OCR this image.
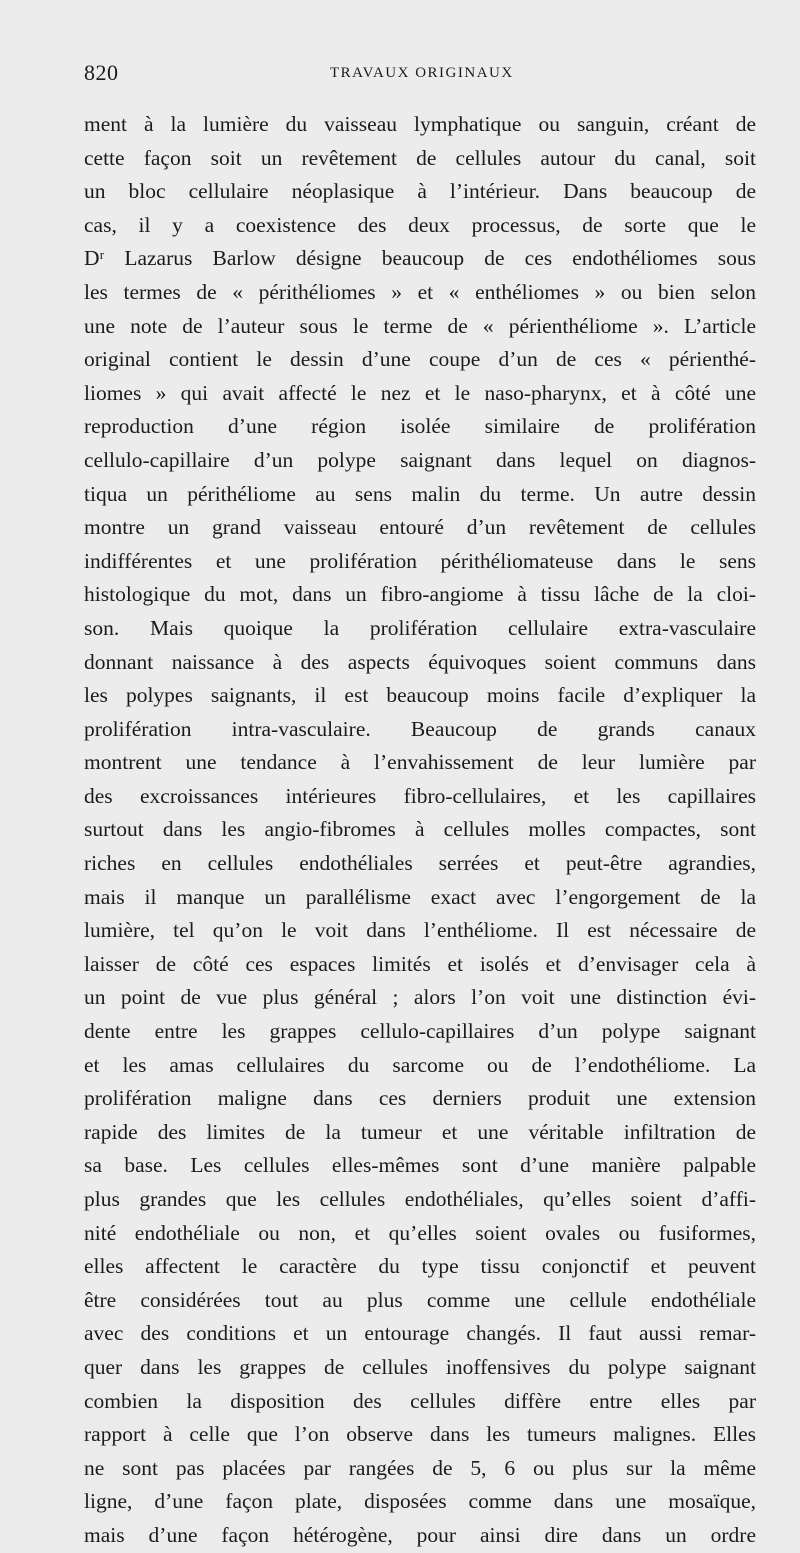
820	TRAVAUX ORIGINAUX
ment à la lumière du vaisseau lymphatique ou sanguin, créant de
cette façon soit un revêtement de cellules autour du canal, soit
un bloc cellulaire néoplasique à l’intérieur. Dans beaucoup de
cas, il y a coexistence des deux processus, de sorte que le
Dʳ Lazarus Barlow désigne beaucoup de ces endothéliomes sous
les termes de « périthéliomes » et « enthéliomes » ou bien selon
une note de l’auteur sous le terme de « périenthéliome ». L’article
original contient le dessin d’une coupe d’un de ces « périenthé-
liomes » qui avait affecté le nez et le naso-pharynx, et à côté une
reproduction d’une région isolée similaire de prolifération
cellulo-capillaire d’un polype saignant dans lequel on diagnos-
tiqua un périthéliome au sens malin du terme. Un autre dessin
montre un grand vaisseau entouré d’un revêtement de cellules
indifférentes et une prolifération périthéliomateuse dans le sens
histologique du mot, dans un fibro-angiome à tissu lâche de la cloi-
son. Mais quoique la prolifération cellulaire extra-vasculaire
donnant naissance à des aspects équivoques soient communs dans
les polypes saignants, il est beaucoup moins facile d’expliquer la
prolifération intra-vasculaire. Beaucoup de grands canaux
montrent une tendance à l’envahissement de leur lumière par
des excroissances intérieures fibro-cellulaires, et les capillaires
surtout dans les angio-fibromes à cellules molles compactes, sont
riches en cellules endothéliales serrées et peut-être agrandies,
mais il manque un parallélisme exact avec l’engorgement de la
lumière, tel qu’on le voit dans l’enthéliome. Il est nécessaire de
laisser de côté ces espaces limités et isolés et d’envisager cela à
un point de vue plus général ; alors l’on voit une distinction évi-
dente entre les grappes cellulo-capillaires d’un polype saignant
et les amas cellulaires du sarcome ou de l’endothéliome. La
prolifération maligne dans ces derniers produit une extension
rapide des limites de la tumeur et une véritable infiltration de
sa base. Les cellules elles-mêmes sont d’une manière palpable
plus grandes que les cellules endothéliales, qu’elles soient d’affi-
nité endothéliale ou non, et qu’elles soient ovales ou fusiformes,
elles affectent le caractère du type tissu conjonctif et peuvent
être considérées tout au plus comme une cellule endothéliale
avec des conditions et un entourage changés. Il faut aussi remar-
quer dans les grappes de cellules inoffensives du polype saignant
combien la disposition des cellules diffère entre elles par
rapport à celle que l’on observe dans les tumeurs malignes. Elles
ne sont pas placées par rangées de 5, 6 ou plus sur la même
ligne, d’une façon plate, disposées comme dans une mosaïque,
mais d’une façon hétérogène, pour ainsi dire dans un ordre
